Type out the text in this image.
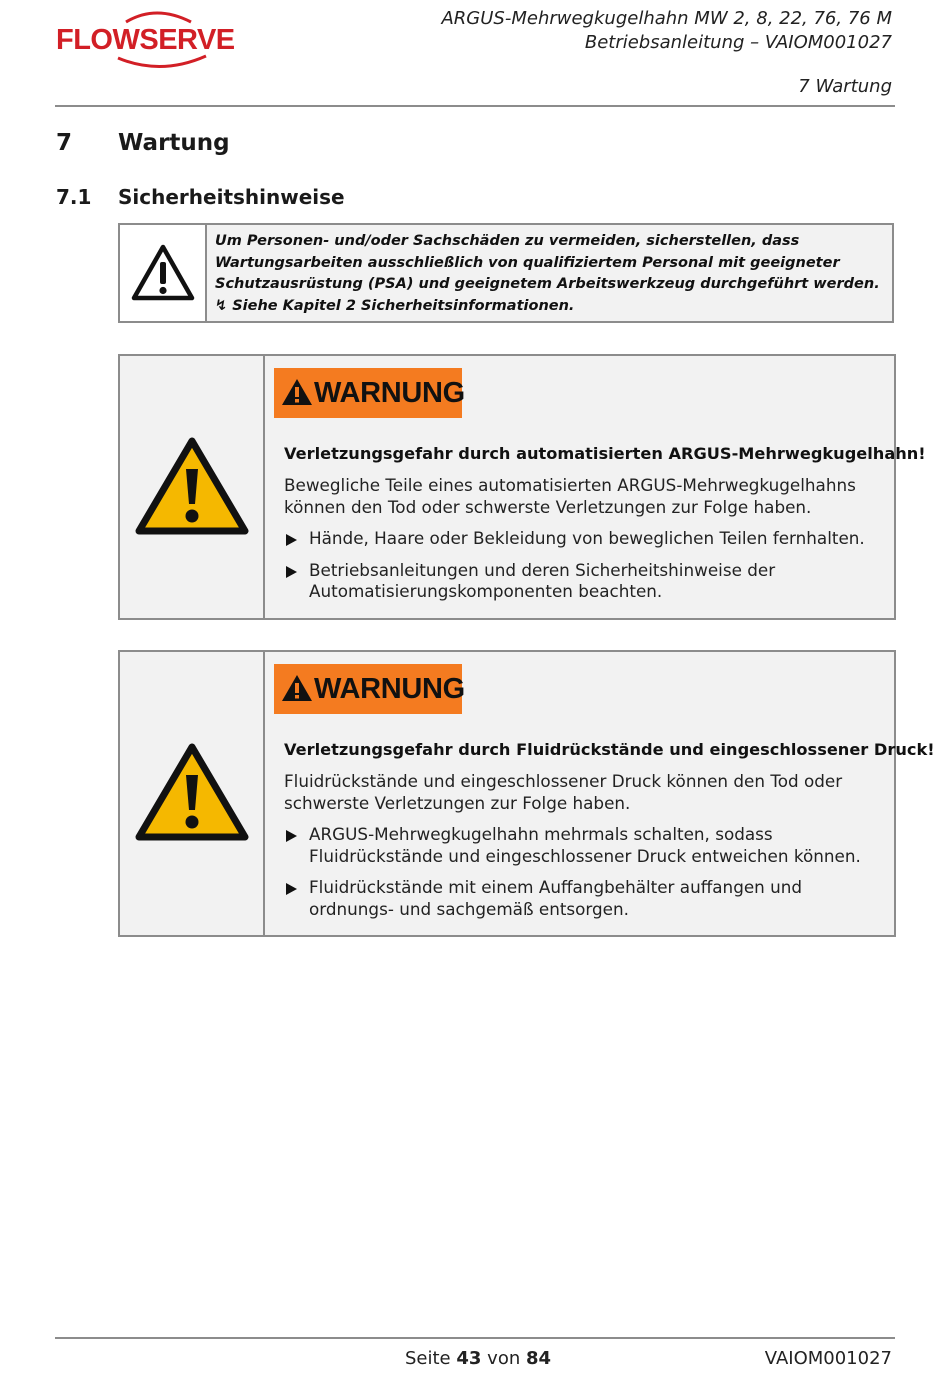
FLOWSERVE
ARGUS-Mehrwegkugelhahn MW 2, 8, 22, 76, 76 M
Betriebsanleitung – VAIOM001027
7 Wartung
7 Wartung
7.1 Sicherheitshinweise
Um Personen- und/oder Sachschäden zu vermeiden, sicherstellen, dass
Wartungsarbeiten ausschließlich von qualifiziertem Personal mit geeigneter
Schutzausrüstung (PSA) und geeignetem Arbeitswerkzeug durchgeführt werden.
↯ Siehe Kapitel 2 Sicherheitsinformationen.
WARNUNG
Verletzungsgefahr durch automatisierten ARGUS-Mehrwegkugelhahn!
Bewegliche Teile eines automatisierten ARGUS-Mehrwegkugelhahns
können den Tod oder schwerste Verletzungen zur Folge haben.
Hände, Haare oder Bekleidung von beweglichen Teilen fernhalten.
Betriebsanleitungen und deren Sicherheitshinweise der
Automatisierungskomponenten beachten.
WARNUNG
Verletzungsgefahr durch Fluidrückstände und eingeschlossener Druck!
Fluidrückstände und eingeschlossener Druck können den Tod oder
schwerste Verletzungen zur Folge haben.
ARGUS-Mehrwegkugelhahn mehrmals schalten, sodass
Fluidrückstände und eingeschlossener Druck entweichen können.
Fluidrückstände mit einem Auffangbehälter auffangen und
ordnungs- und sachgemäß entsorgen.
Seite 43 von 84	VAIOM001027
